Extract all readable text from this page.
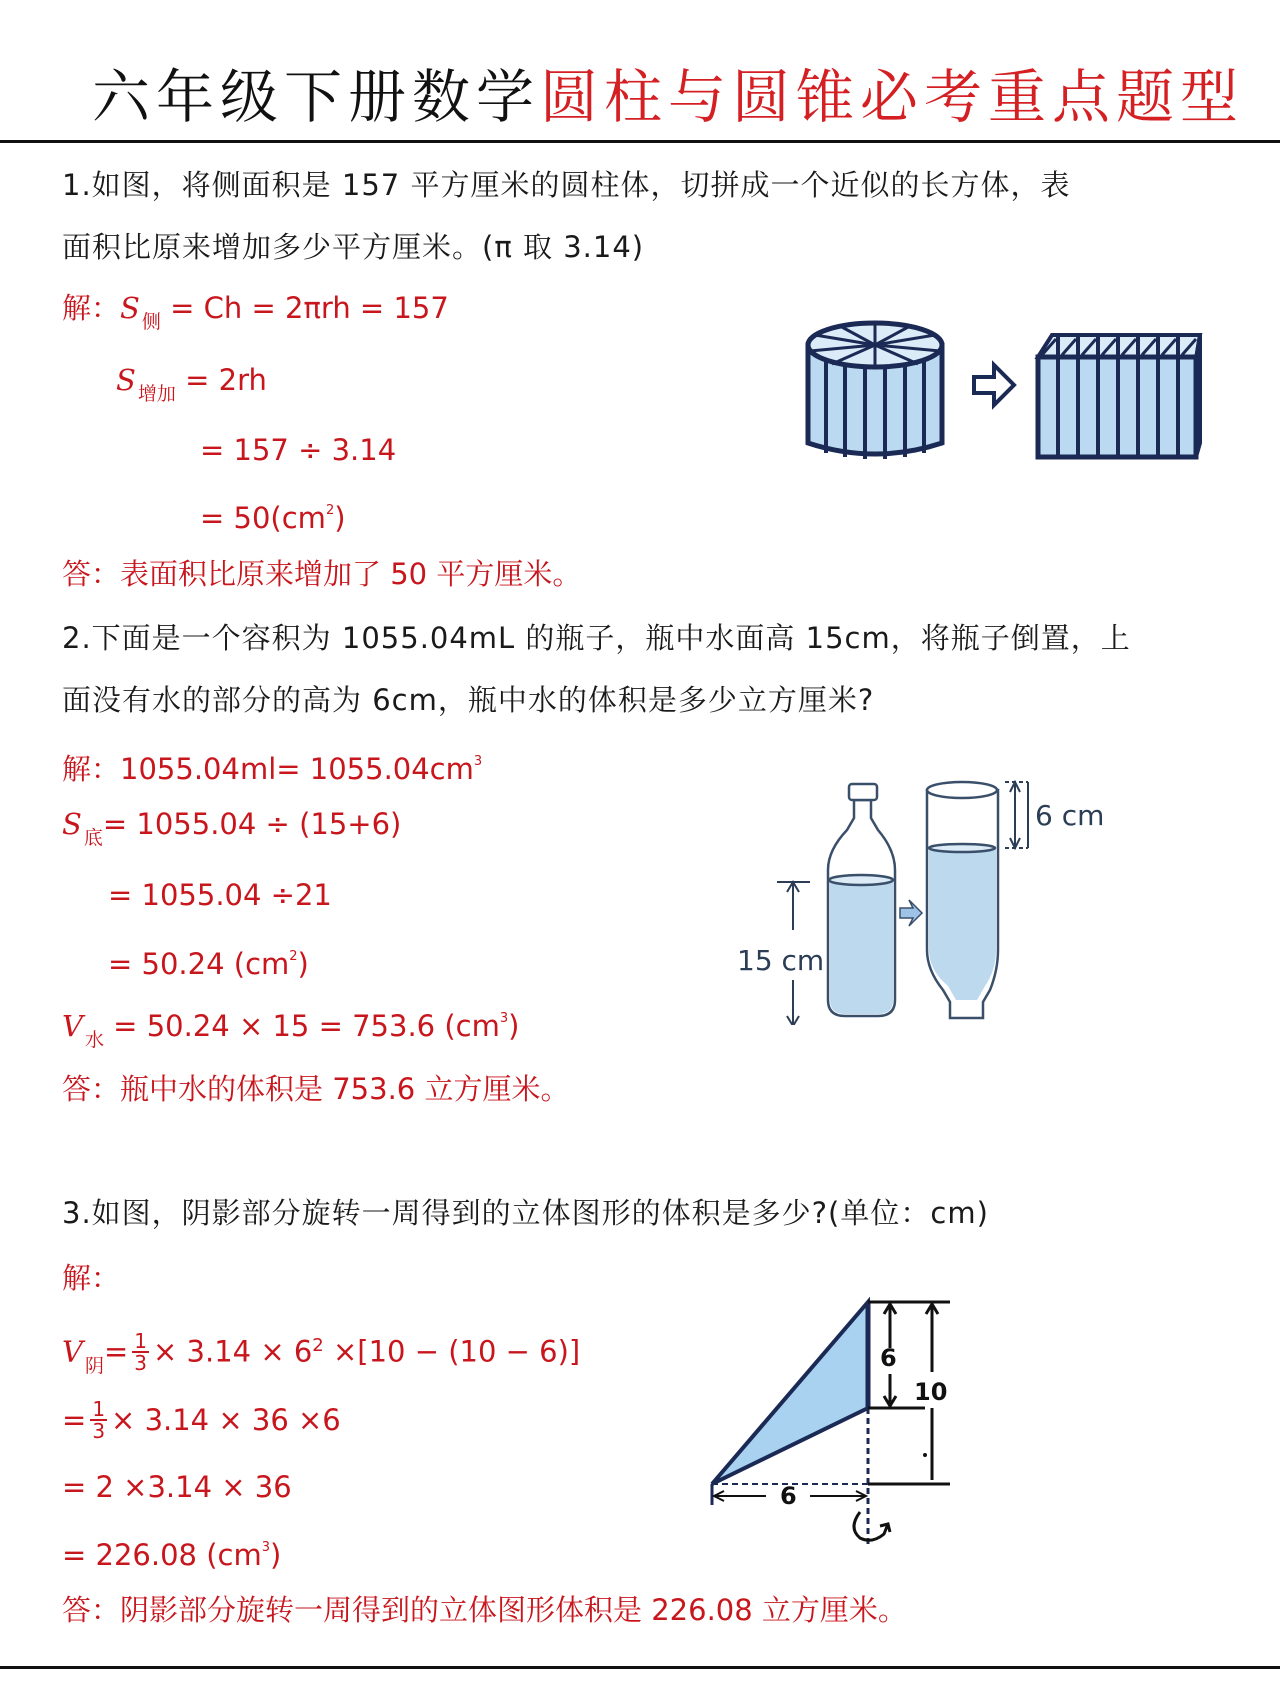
六年级下册数学圆柱与圆锥必考重点题型
1.如图，将侧面积是 157 平方厘米的圆柱体，切拼成一个近似的长方体，表
面积比原来增加多少平方厘米。(π 取 3.14)
解：S $_侧$ = Ch = 2πrh = 157
S $_{增加}$ = 2rh
= 157 ÷ 3.14
= $50(cm^2)$
答：表面积比原来增加了 50 平方厘米。
2.下面是一个容积为 1055.04mL 的瓶子，瓶中水面高 15cm，将瓶子倒置，上
面没有水的部分的高为 6cm，瓶中水的体积是多少立方厘米?
解：$1055.04ml= 1055.04cm^3$
S $_底$= 1055.04 ÷ (15+6)
= 1055.04 ÷21
= 50.24 $(cm^2)$
V $_水$ = 50.24 × 15 = 753.6 $(cm^3)$
答：瓶中水的体积是 753.6 立方厘米。
15 cm
6 cm
3.如图，阴影部分旋转一周得到的立体图形的体积是多少?(单位：cm)
解：
V $_阴= \frac{1}{3} \times 3.14 \times 6^2 \times[10 - (10 - 6)]$
= $\frac{1}{3} \times 3.14 \times 36 \times 6$
= 2 ×3.14 × 36
= 226.08 $(cm^3)$
答：阴影部分旋转一周得到的立体图形体积是 226.08 立方厘米。
6
10
6
